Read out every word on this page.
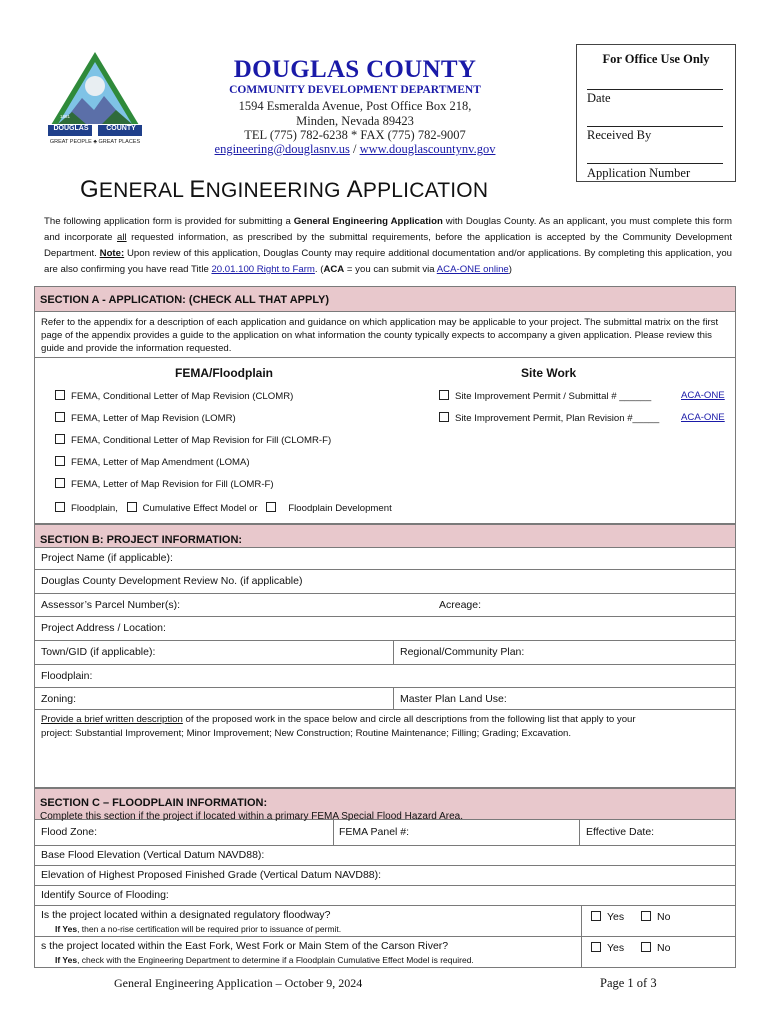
DOUGLAS	COUNTY
GREAT PEOPLE ♣ GREAT PLACES
1861
DOUGLAS COUNTY
COMMUNITY DEVELOPMENT DEPARTMENT
1594 Esmeralda Avenue, Post Office Box 218,
Minden, Nevada 89423
TEL (775) 782-6238 * FAX (775) 782-9007
engineering@douglasnv.us / www.douglascountynv.gov
For Office Use Only
Date
Received By
Application Number
GENERAL ENGINEERING APPLICATION
The following application form is provided for submitting a General Engineering Application with Douglas County. As an applicant, you must complete this form and incorporate all requested information, as prescribed by the submittal requirements, before the application is accepted by the Community Development Department. Note: Upon review of this application, Douglas County may require additional documentation and/or applications. By completing this application, you are also confirming you have read Title 20.01.100 Right to Farm. (ACA = you can submit via ACA-ONE online)
SECTION A - APPLICATION: (CHECK ALL THAT APPLY)
Refer to the appendix for a description of each application and guidance on which application may be applicable to your project. The submittal matrix on the first page of the appendix provides a guide to the application on what information the county typically expects to accompany a given application. Please review this guide and provide the information requested.
FEMA/Floodplain	Site Work
FEMA, Conditional Letter of Map Revision (CLOMR)
FEMA, Letter of Map Revision (LOMR)
FEMA, Conditional Letter of Map Revision for Fill (CLOMR-F)
FEMA, Letter of Map Amendment (LOMA)
FEMA, Letter of Map Revision for Fill (LOMR-F)
Floodplain,	Cumulative Effect Model or	Floodplain Development
Site Improvement Permit / Submittal # ______	ACA-ONE
Site Improvement Permit, Plan Revision #_____ ACA-ONE
SECTION B: PROJECT INFORMATION:
Project Name (if applicable):
Douglas County Development Review No. (if applicable)
Assessor’s Parcel Number(s):	Acreage:
Project Address / Location:
Town/GID (if applicable):	Regional/Community Plan:
Floodplain:
Zoning:	Master Plan Land Use:
Provide a brief written description of the proposed work in the space below and circle all descriptions from the following list that apply to your project: Substantial Improvement; Minor Improvement; New Construction; Routine Maintenance; Filling; Grading; Excavation.
SECTION C – FLOODPLAIN INFORMATION:
Complete this section if the project if located within a primary FEMA Special Flood Hazard Area.
Flood Zone:	FEMA Panel #:	Effective Date:
Base Flood Elevation (Vertical Datum NAVD88):
Elevation of Highest Proposed Finished Grade (Vertical Datum NAVD88):
Identify Source of Flooding:
Is the project located within a designated regulatory floodway?
If Yes, then a no-rise certification will be required prior to issuance of permit.
Yes	No
s the project located within the East Fork, West Fork or Main Stem of the Carson River?
If Yes, check with the Engineering Department to determine if a Floodplain Cumulative Effect Model is required.
Yes	No
General Engineering Application – October 9, 2024	Page 1 of 3
